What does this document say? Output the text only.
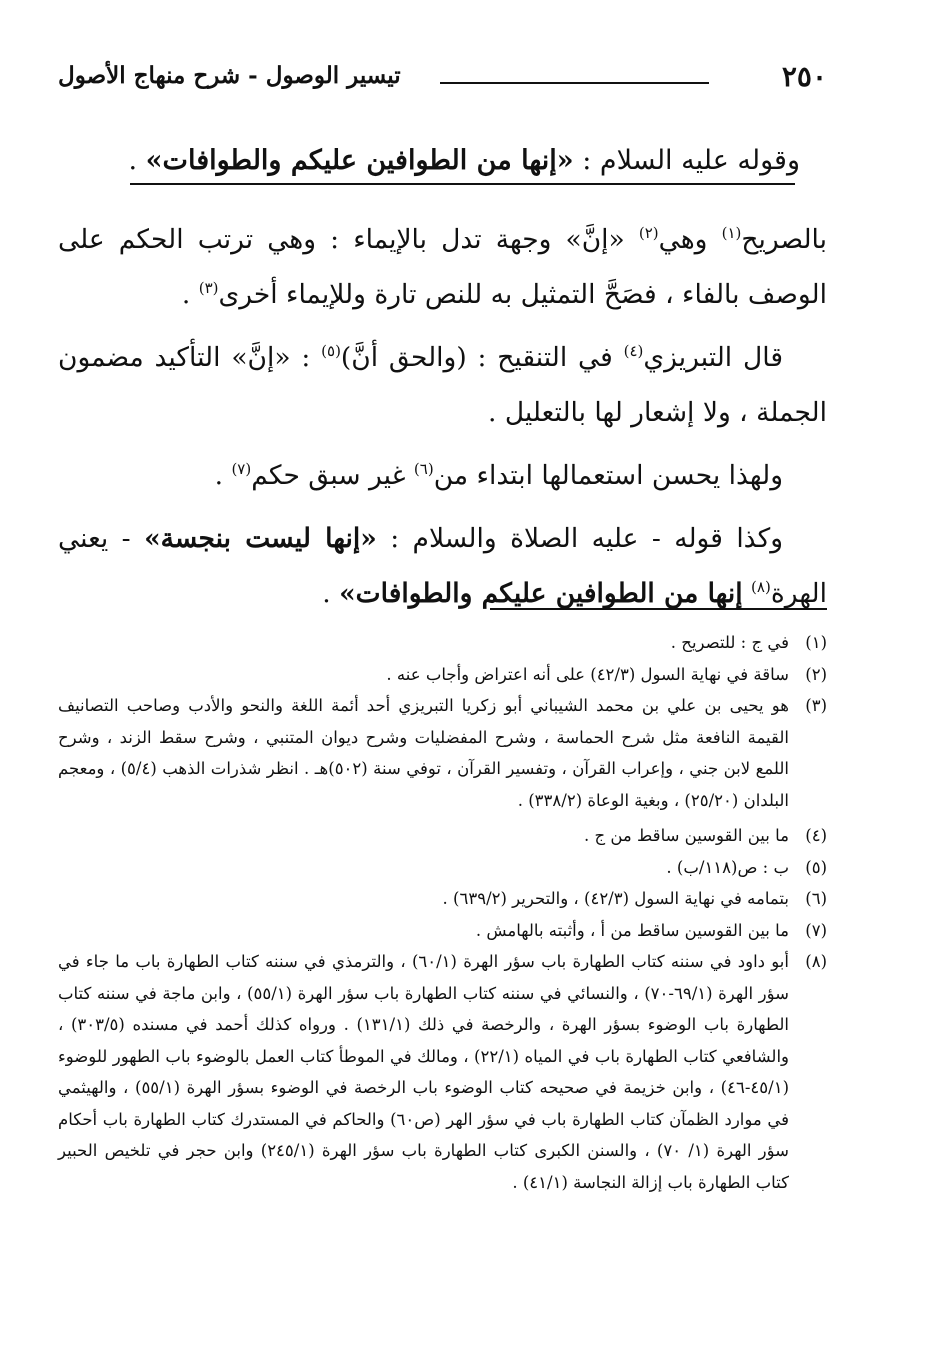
٢٥٠
تيسير الوصول - شرح منهاج الأصول
وقوله عليه السلام : «إنها من الطوافين عليكم والطوافات» .

بالصريح$^{(١)}$ وهي$^{(٢)}$ «إنَّ» وجهة تدل بالإيماء : وهي ترتب الحكم على الوصف بالفاء ، فصَحَّ التمثيل به للنص تارة وللإيماء أخرى$^{(٣)}$ .

قال التبريزي$^{(٤)}$ في التنقيح : (والحق أنَّ)$^{(٥)}$ : «إنَّ» التأكيد مضمون الجملة ، ولا إشعار لها بالتعليل .

ولهذا يحسن استعمالها ابتداء من$^{(٦)}$ غير سبق حكم$^{(٧)}$ .

وكذا قوله - عليه الصلاة والسلام : «إنها ليست بنجسة» - يعني الهرة$^{(٨)}$ إنها من الطوافين عليكم والطوافات» .

(١)
في ج : للتصريح .
(٢)
ساقة في نهاية السول (٤٢/٣) على أنه اعتراض وأجاب عنه .
(٣)
هو يحيى بن علي بن محمد الشيباني أبو زكريا التبريزي أحد أئمة اللغة والنحو والأدب وصاحب التصانيف القيمة النافعة مثل شرح الحماسة ، وشرح المفضليات وشرح ديوان المتنبي ، وشرح سقط الزند ، وشرح اللمع لابن جني ، وإعراب القرآن ، وتفسير القرآن ، توفي سنة (٥٠٢)هـ . انظر شذرات الذهب (٥/٤) ، ومعجم البلدان (٢٥/٢٠) ، وبغية الوعاة (٣٣٨/٢) .
(٤)
ما بين القوسين ساقط من ج .
(٥)
ب : ص(١١٨/ب) .
(٦)
بتمامه في نهاية السول (٤٢/٣) ، والتحرير (٦٣٩/٢) .
(٧)
ما بين القوسين ساقط من أ ، وأثبته بالهامش .
(٨)
أبو داود في سننه كتاب الطهارة باب سؤر الهرة (٦٠/١) ، والترمذي في سننه كتاب الطهارة باب ما جاء في سؤر الهرة (٦٩/١-٧٠) ، والنسائي في سننه كتاب الطهارة باب سؤر الهرة (٥٥/١) ، وابن ماجة في سننه كتاب الطهارة باب الوضوء بسؤر الهرة ، والرخصة في ذلك (١٣١/١) . ورواه كذلك أحمد في مسنده (٣٠٣/٥) ، والشافعي كتاب الطهارة باب في المياه (٢٢/١) ، ومالك في الموطأ كتاب العمل بالوضوء باب الطهور للوضوء (٤٥/١-٤٦) ، وابن خزيمة في صحيحه كتاب الوضوء باب الرخصة في الوضوء بسؤر الهرة (٥٥/١) ، والهيثمي في موارد الظمآن كتاب الطهارة باب في سؤر الهر (ص٦٠) والحاكم في المستدرك كتاب الطهارة باب أحكام سؤر الهرة (١/ ٧٠) ، والسنن الكبرى كتاب الطهارة باب سؤر الهرة (٢٤٥/١) وابن حجر في تلخيص الحبير كتاب الطهارة باب إزالة النجاسة (٤١/١) .
